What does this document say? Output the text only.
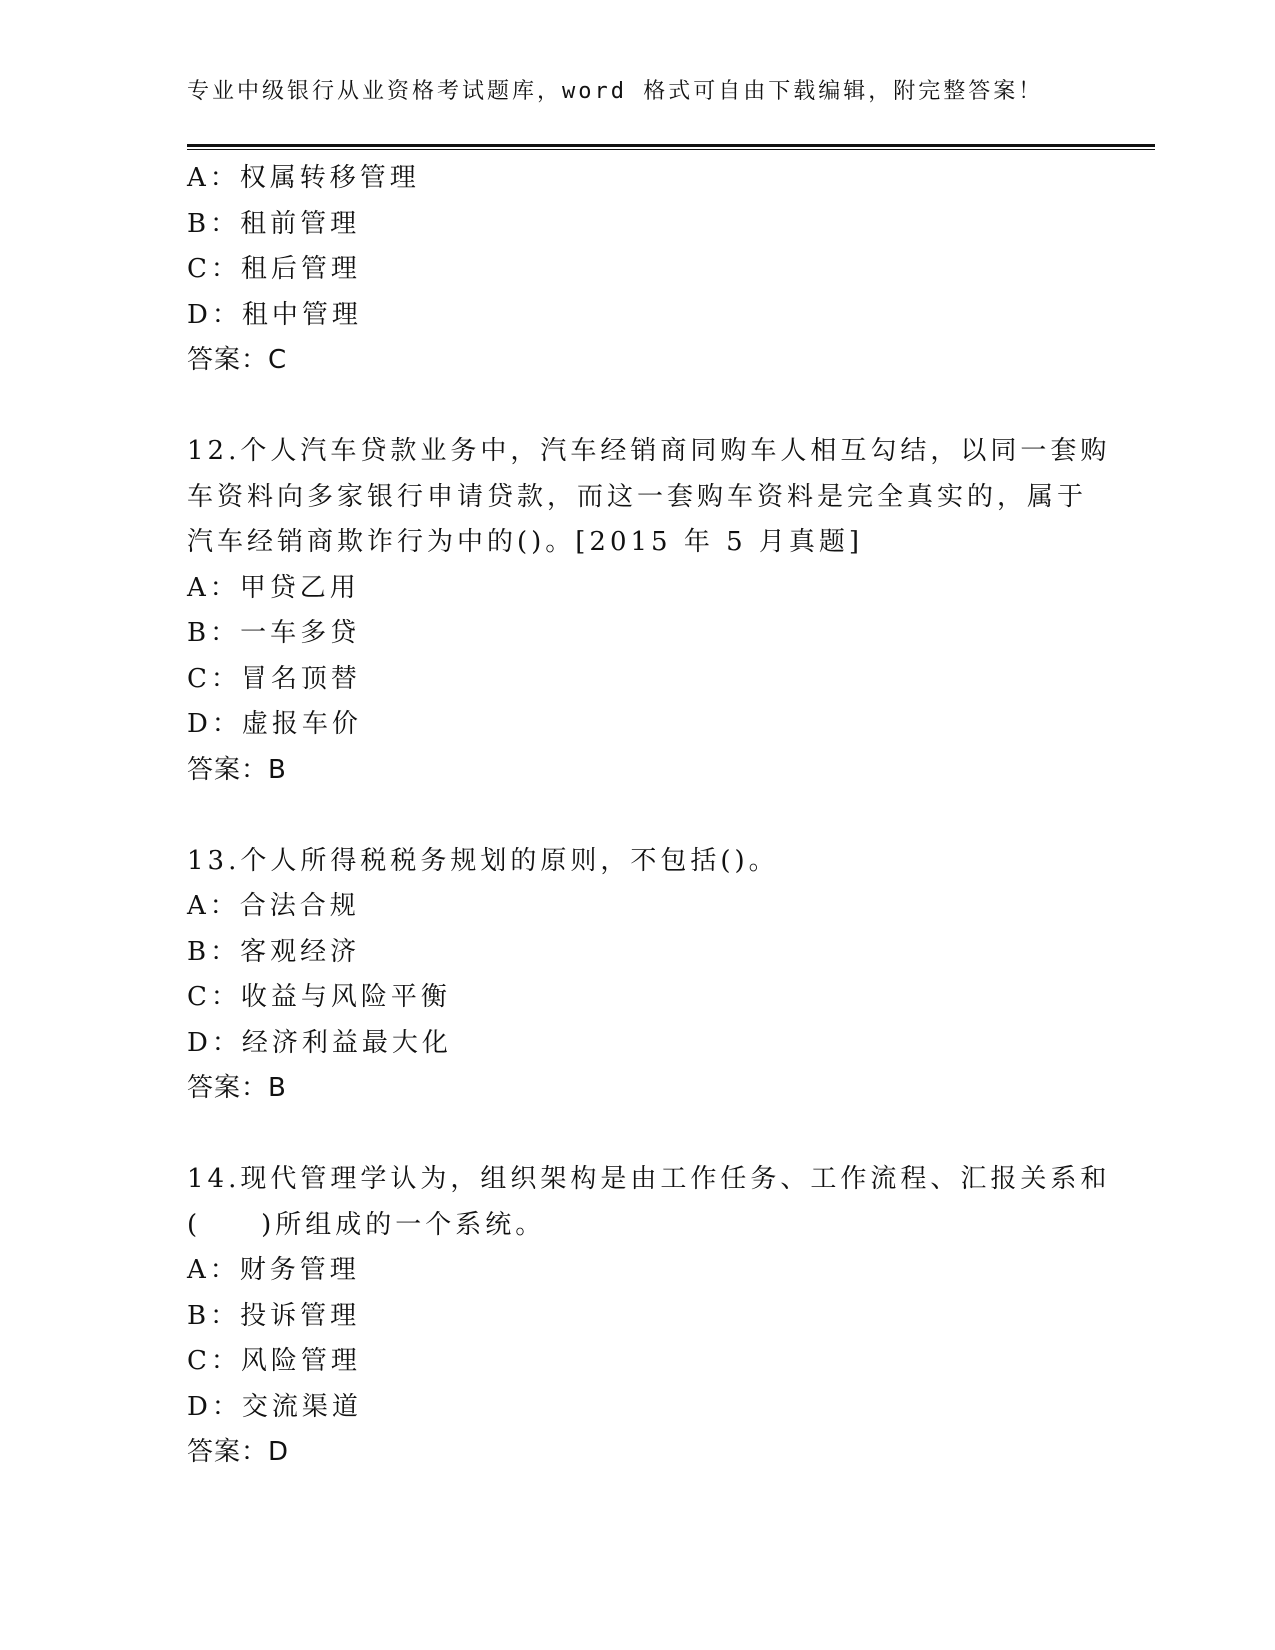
专业中级银行从业资格考试题库，word 格式可自由下载编辑，附完整答案！
A：权属转移管理
B：租前管理
C：租后管理
D：租中管理
答案：C
12.个人汽车贷款业务中，汽车经销商同购车人相互勾结，以同一套购
车资料向多家银行申请贷款，而这一套购车资料是完全真实的，属于
汽车经销商欺诈行为中的()。[2015 年 5 月真题]
A：甲贷乙用
B：一车多贷
C：冒名顶替
D：虚报车价
答案：B
13.个人所得税税务规划的原则，不包括()。
A：合法合规
B：客观经济
C：收益与风险平衡
D：经济利益最大化
答案：B
14.现代管理学认为，组织架构是由工作任务、工作流程、汇报关系和
(　　)所组成的一个系统。
A：财务管理
B：投诉管理
C：风险管理
D：交流渠道
答案：D
